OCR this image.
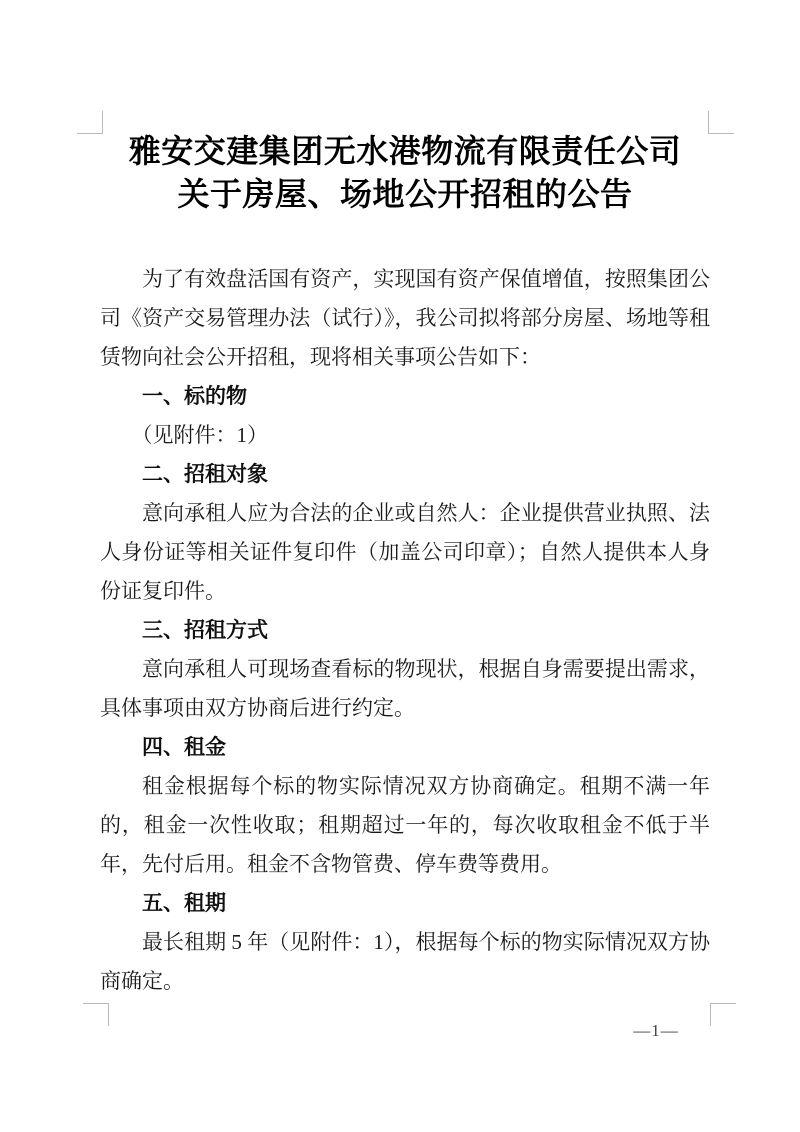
雅安交建集团无水港物流有限责任公司
关于房屋、场地公开招租的公告

为了有效盘活国有资产，实现国有资产保值增值，按照集团公司《资产交易管理办法（试行）》，我公司拟将部分房屋、场地等租赁物向社会公开招租，现将相关事项公告如下：

一、标的物

（见附件：1）

二、招租对象

意向承租人应为合法的企业或自然人：企业提供营业执照、法人身份证等相关证件复印件（加盖公司印章）；自然人提供本人身份证复印件。

三、招租方式

意向承租人可现场查看标的物现状，根据自身需要提出需求，具体事项由双方协商后进行约定。

四、租金

租金根据每个标的物实际情况双方协商确定。租期不满一年的，租金一次性收取；租期超过一年的，每次收取租金不低于半年，先付后用。租金不含物管费、停车费等费用。

五、租期

最长租期 5 年（见附件：1），根据每个标的物实际情况双方协商确定。

—1—
